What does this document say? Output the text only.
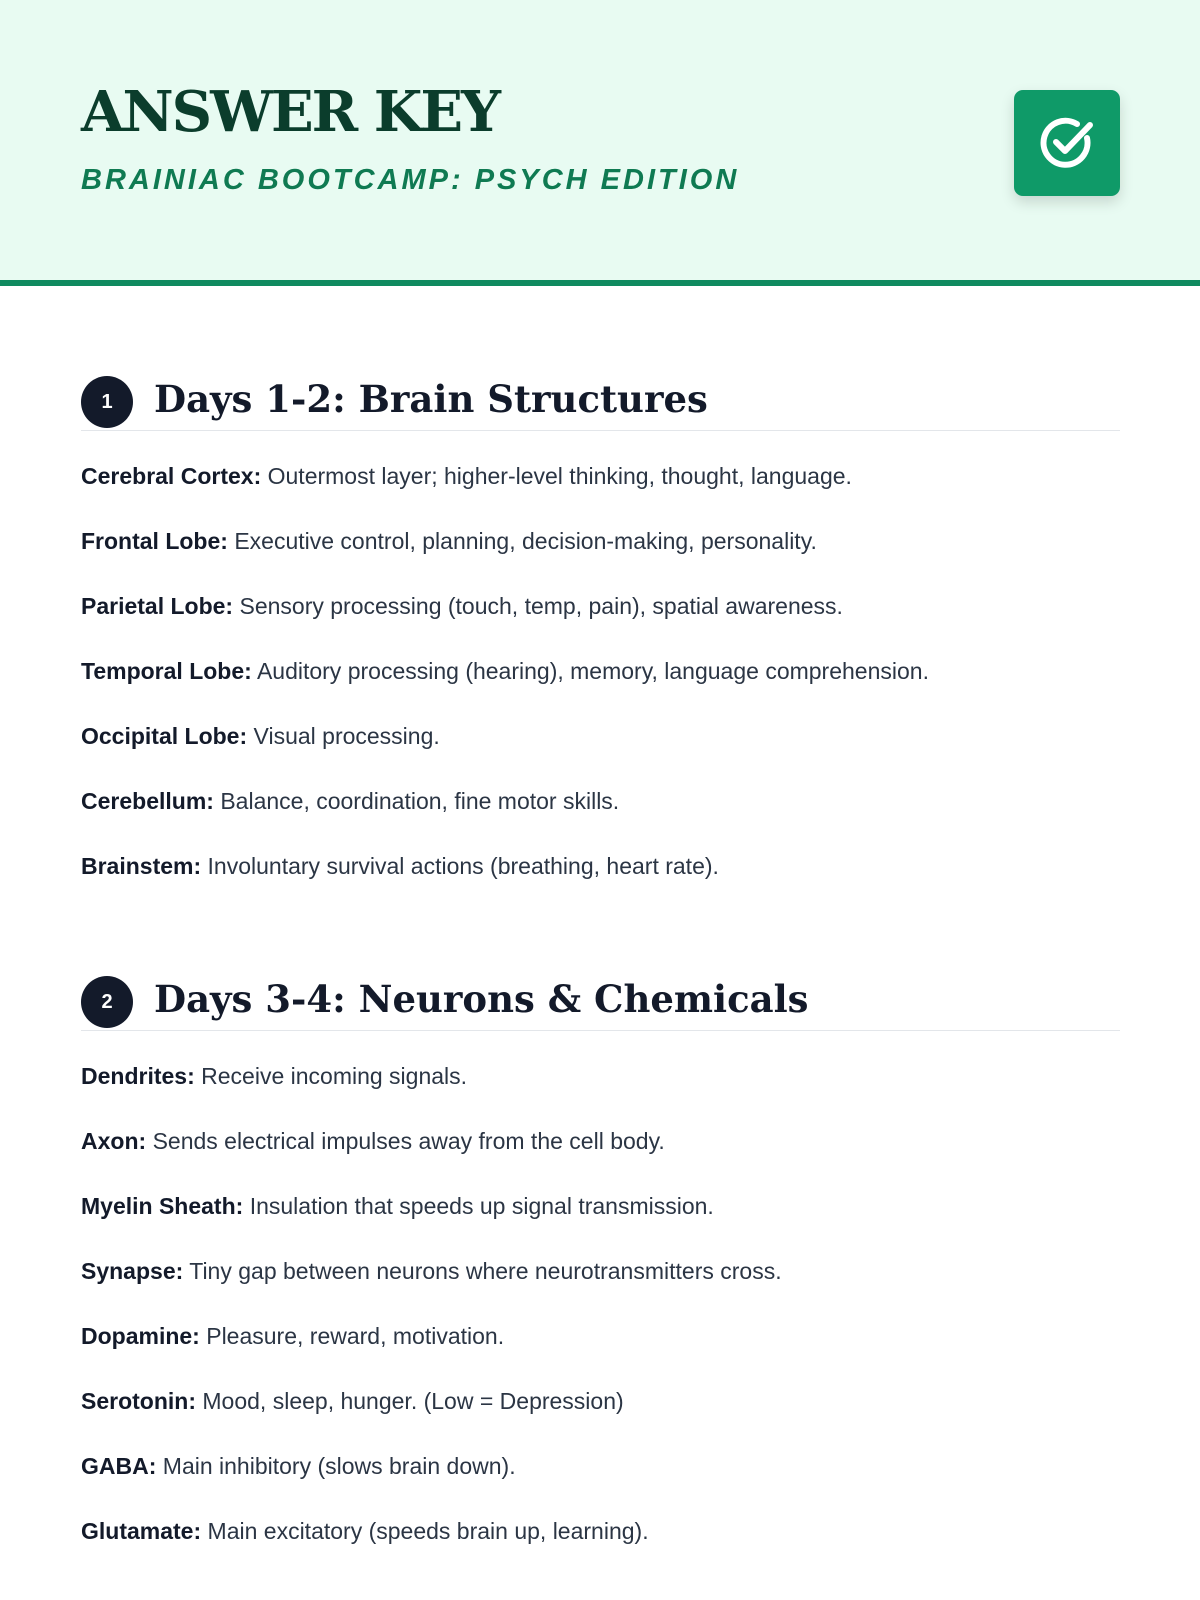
ANSWER KEY

BRAINIAC BOOTCAMP: PSYCH EDITION

1	Days 1-2: Brain Structures
Cerebral Cortex: Outermost layer; higher-level thinking, thought, language.
Frontal Lobe: Executive control, planning, decision-making, personality.
Parietal Lobe: Sensory processing (touch, temp, pain), spatial awareness.
Temporal Lobe: Auditory processing (hearing), memory, language comprehension.
Occipital Lobe: Visual processing.
Cerebellum: Balance, coordination, fine motor skills.
Brainstem: Involuntary survival actions (breathing, heart rate).
2	Days 3-4: Neurons & Chemicals
Dendrites: Receive incoming signals.
Axon: Sends electrical impulses away from the cell body.
Myelin Sheath: Insulation that speeds up signal transmission.
Synapse: Tiny gap between neurons where neurotransmitters cross.
Dopamine: Pleasure, reward, motivation.
Serotonin: Mood, sleep, hunger. (Low = Depression)
GABA: Main inhibitory (slows brain down).
Glutamate: Main excitatory (speeds brain up, learning).
